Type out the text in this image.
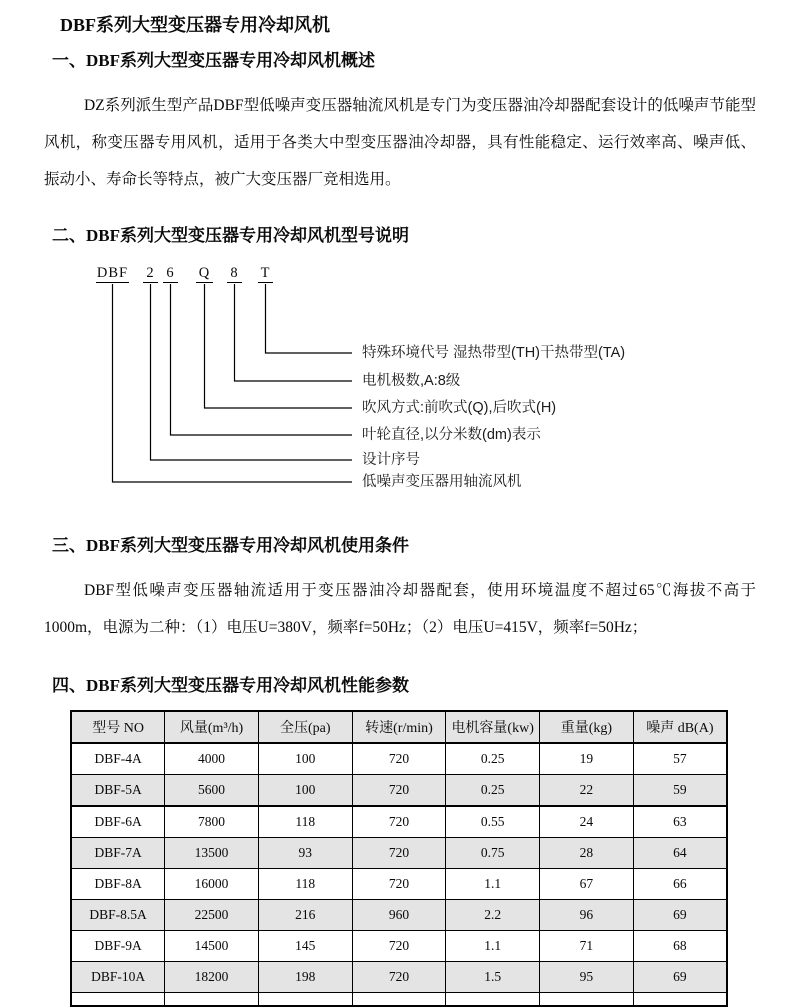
DBF系列大型变压器专用冷却风机
一、DBF系列大型变压器专用冷却风机概述

DZ系列派生型产品DBF型低噪声变压器轴流风机是专门为变压器油冷却器配套设计的低噪声节能型风机，称变压器专用风机，适用于各类大中型变压器油冷却器，具有性能稳定、运行效率高、噪声低、振动小、寿命长等特点，被广大变压器厂竞相选用。

二、DBF系列大型变压器专用冷却风机型号说明
DBF 2 6 Q 8 T
特殊环境代号 湿热带型(TH)干热带型(TA)
电机极数,A:8级
吹风方式:前吹式(Q),后吹式(H)
叶轮直径,以分米数(dm)表示
设计序号
低噪声变压器用轴流风机
三、DBF系列大型变压器专用冷却风机使用条件

DBF型低噪声变压器轴流适用于变压器油冷却器配套，使用环境温度不超过65℃海拔不高于1000m，电源为二种：（1）电压U=380V，频率f=50Hz；（2）电压U=415V，频率f=50Hz；

四、DBF系列大型变压器专用冷却风机性能参数
型号 NO	风量(m³/h)	全压(pa)	转速(r/min)	电机容量(kw)	重量(kg)	噪声 dB(A)
DBF-4A	4000	100	720	0.25	19	57
DBF-5A	5600	100	720	0.25	22	59
DBF-6A	7800	118	720	0.55	24	63
DBF-7A	13500	93	720	0.75	28	64
DBF-8A	16000	118	720	1.1	67	66
DBF-8.5A	22500	216	960	2.2	96	69
DBF-9A	14500	145	720	1.1	71	68
DBF-10A	18200	198	720	1.5	95	69
